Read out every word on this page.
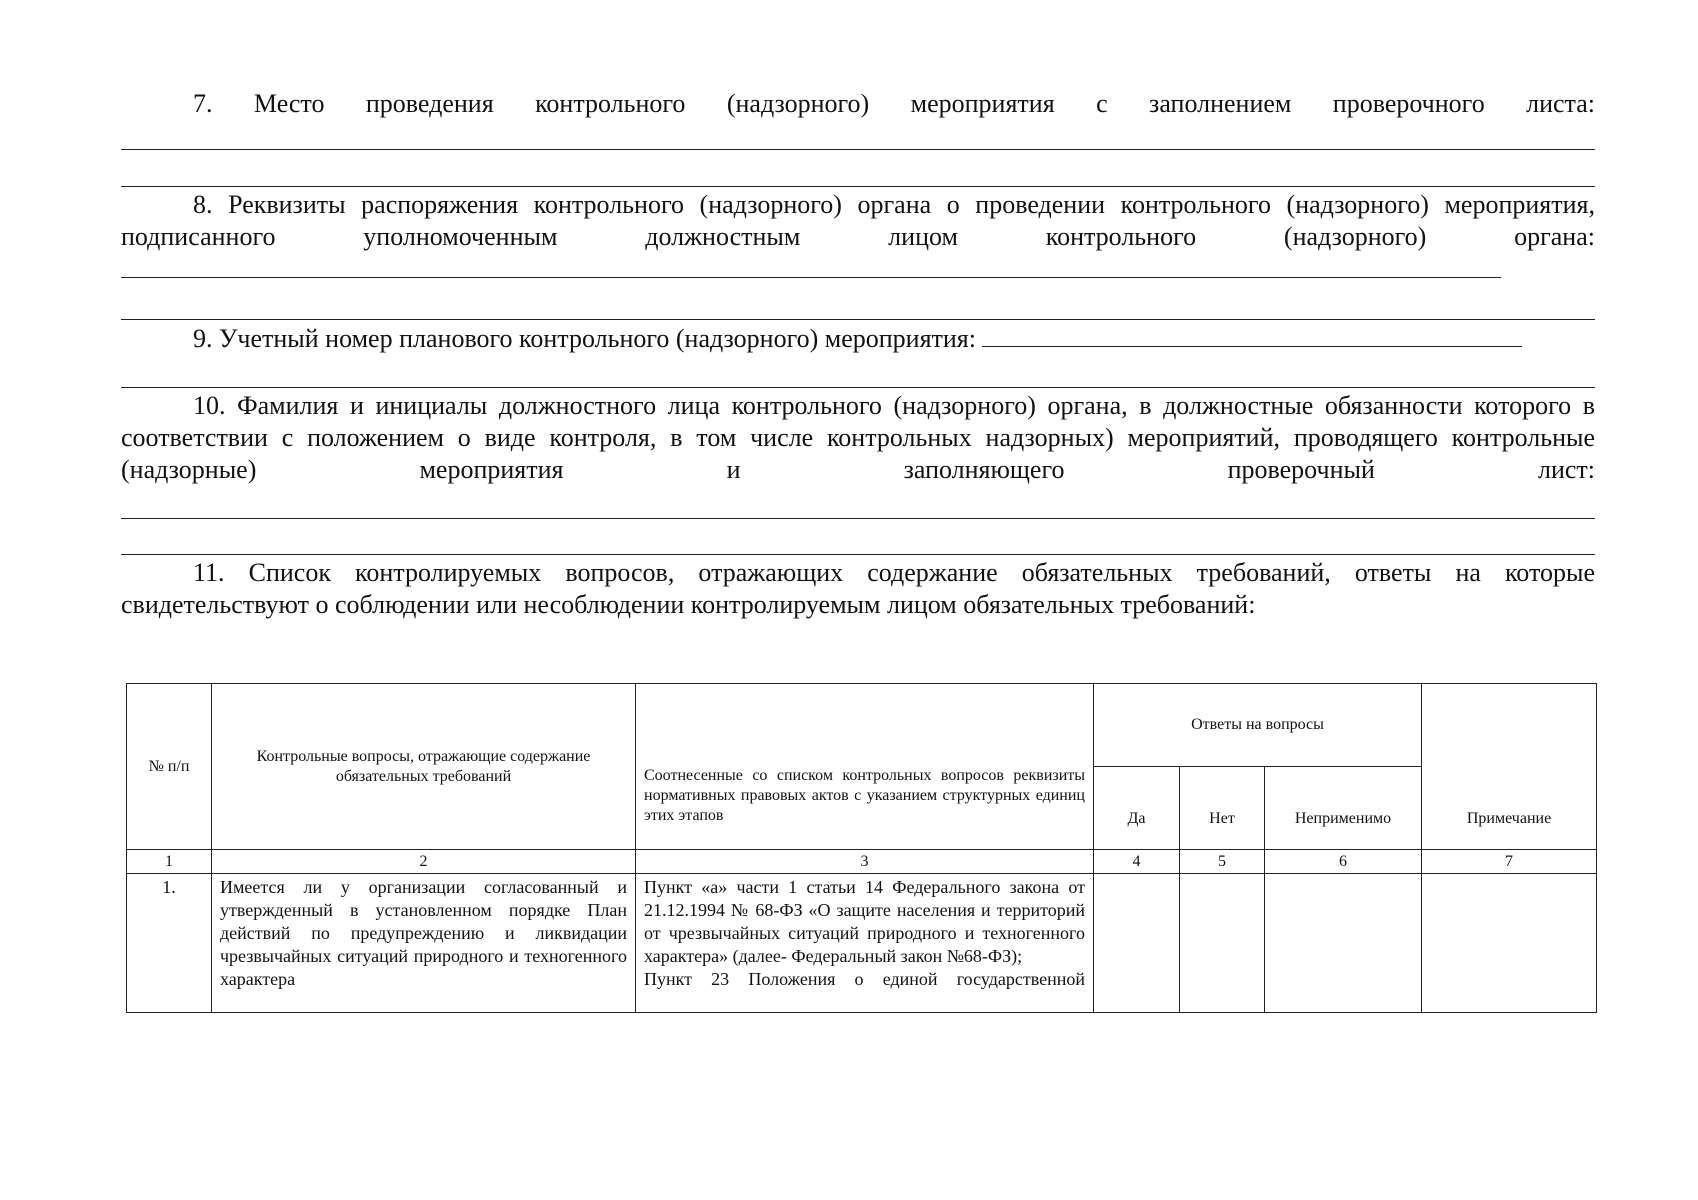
7. Место проведения контрольного (надзорного) мероприятия с заполнением проверочного листа:
8. Реквизиты распоряжения контрольного (надзорного) органа о проведении контрольного (надзорного) мероприятия, подписанного уполномоченным должностным лицом контрольного (надзорного) органа:
9. Учетный номер планового контрольного (надзорного) мероприятия:
10. Фамилия и инициалы должностного лица контрольного (надзорного) органа, в должностные обязанности которого в соответствии с положением о виде контроля, в том числе контрольных надзорных) мероприятий, проводящего контрольные (надзорные) мероприятия и заполняющего проверочный лист:
11. Список контролируемых вопросов, отражающих содержание обязательных требований, ответы на которые свидетельствуют о соблюдении или несоблюдении контролируемым лицом обязательных требований:
№ п/п	Контрольные вопросы, отражающие содержание обязательных требований	Соотнесенные со списком контрольных вопросов реквизиты нормативных правовых актов с указанием структурных единиц этих этапов	Ответы на вопросы			Примечание
			Да	Нет	Неприменимо	
1	2	3	4	5	6	7
1.	Имеется ли у организации согласованный и утвержденный в установленном порядке План действий по предупреждению и ликвидации чрезвычайных ситуаций природного и техногенного характера	Пункт «а» части 1 статьи 14 Федерального закона от 21.12.1994 № 68-ФЗ «О защите населения и территорий от чрезвычайных ситуаций природного и техногенного характера» (далее- Федеральный закон №68-ФЗ);
Пункт 23 Положения о единой государственной				
